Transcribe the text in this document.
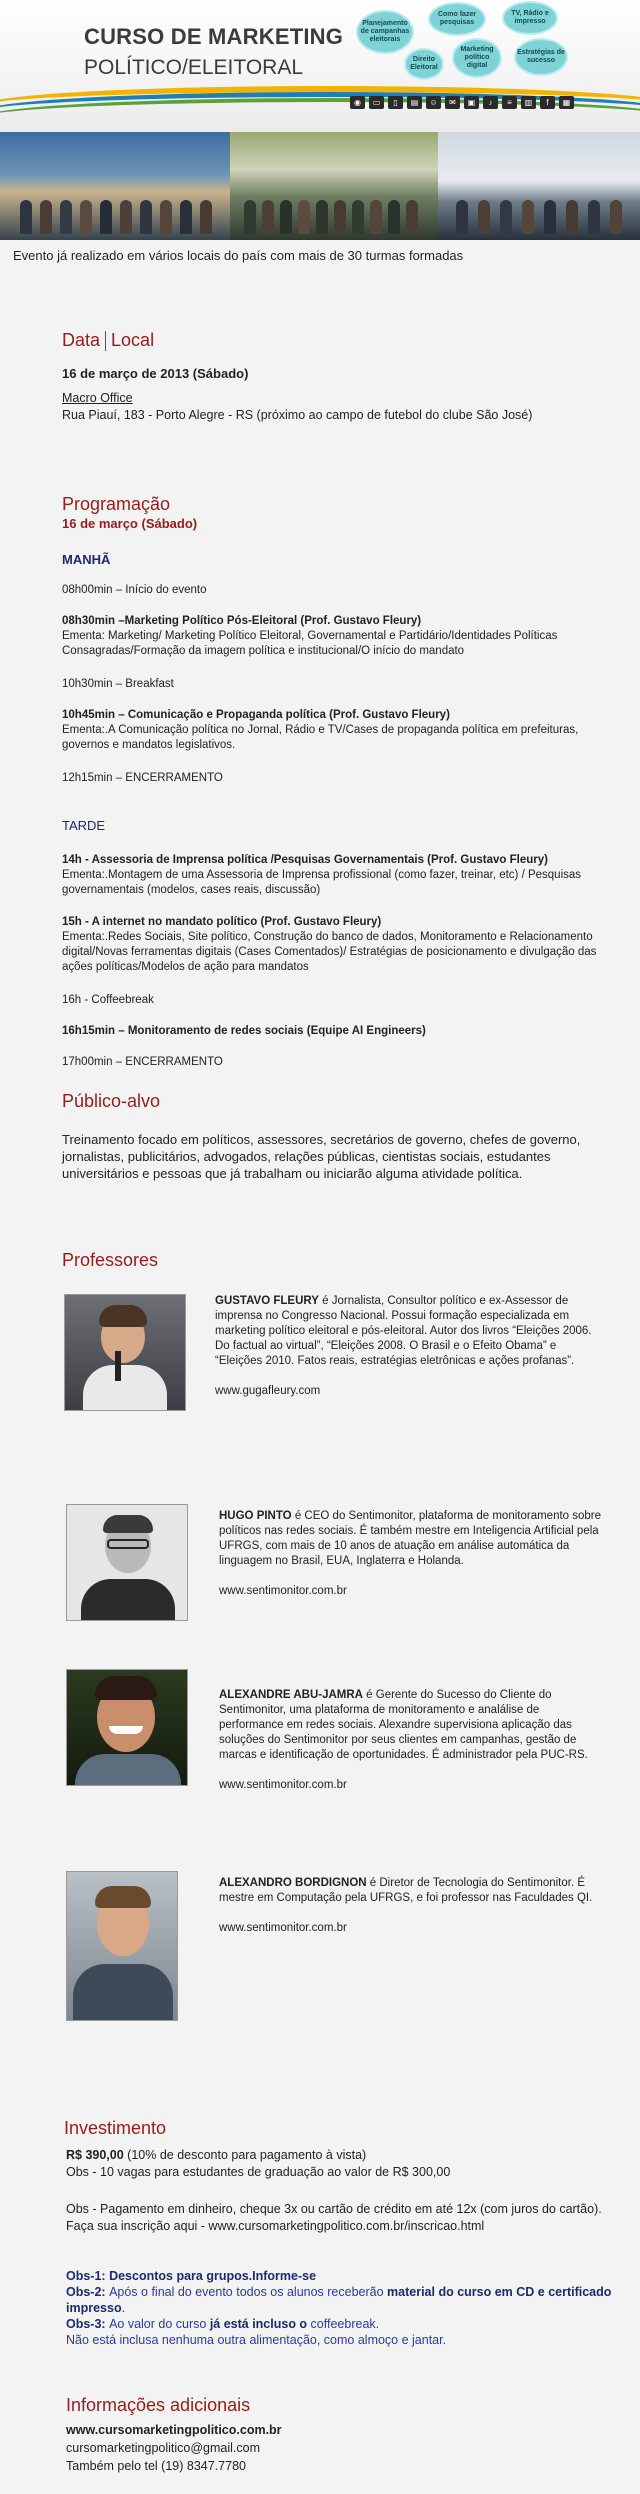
CURSO DE MARKETING
POLÍTICO/ELEITORAL
Planejamento de campanhas eleitorais
Como fazer pesquisas
TV, Rádio e impresso
Direito Eleitoral
Marketing político digital
Estratégias de sucesso
◉	▭	▯	▤	☺	✉	▣	♪	≡	▥	f	▦
Evento já realizado em vários locais do país com mais de 30 turmas formadas
Data Local
16 de março de 2013 (Sábado)
Macro Office
Rua Piauí, 183 - Porto Alegre - RS (próximo ao campo de futebol do clube São José)
Programação
16 de março (Sábado)
MANHÃ
08h00min – Início do evento
08h30min –Marketing Político Pós-Eleitoral (Prof. Gustavo Fleury)
Ementa: Marketing/ Marketing Político Eleitoral, Governamental e Partidário/Identidades Políticas Consagradas/Formação da imagem política e institucional/O início do mandato
10h30min – Breakfast
10h45min – Comunicação e Propaganda política (Prof. Gustavo Fleury)
Ementa:.A Comunicação política no Jornal, Rádio e TV/Cases de propaganda política em prefeituras, governos e mandatos legislativos.
12h15min – ENCERRAMENTO
TARDE
14h - Assessoria de Imprensa política /Pesquisas Governamentais (Prof. Gustavo Fleury)
Ementa:.Montagem de uma Assessoria de Imprensa profissional (como fazer, treinar, etc) / Pesquisas governamentais (modelos, cases reais, discussão)
15h - A internet no mandato político (Prof. Gustavo Fleury)
Ementa:.Redes Sociais, Site político, Construção do banco de dados, Monitoramento e Relacionamento digital/Novas ferramentas digitais (Cases Comentados)/ Estratégias de posicionamento e divulgação das ações políticas/Modelos de ação para mandatos
16h - Coffeebreak
16h15min – Monitoramento de redes sociais (Equipe AI Engineers)
17h00min – ENCERRAMENTO
Público-alvo
Treinamento focado em políticos, assessores, secretários de governo, chefes de governo, jornalistas, publicitários, advogados, relações públicas, cientistas sociais, estudantes universitários e pessoas que já trabalham ou iniciarão alguma atividade política.
Professores
GUSTAVO FLEURY é Jornalista, Consultor político e ex-Assessor de imprensa no Congresso Nacional. Possui formação especializada em marketing político eleitoral e pós-eleitoral. Autor dos livros “Eleições 2006. Do factual ao virtual”, “Eleições 2008. O Brasil e o Efeito Obama” e “Eleições 2010. Fatos reais, estratégias eletrônicas e ações profanas”.
www.gugafleury.com
HUGO PINTO é CEO do Sentimonitor, plataforma de monitoramento sobre políticos nas redes sociais. É também mestre em Inteligencia Artificial pela UFRGS, com mais de 10 anos de atuação em análise automática da linguagem no Brasil, EUA, Inglaterra e Holanda.
www.sentimonitor.com.br
ALEXANDRE ABU-JAMRA é Gerente do Sucesso do Cliente do Sentimonitor, uma plataforma de monitoramento e analálise de performance em redes sociais. Alexandre supervisiona aplicação das soluções do Sentimonitor por seus clientes em campanhas, gestão de marcas e identificação de oportunidades. É administrador pela PUC-RS.
www.sentimonitor.com.br
ALEXANDRO BORDIGNON é Diretor de Tecnologia do Sentimonitor. É mestre em Computação pela UFRGS, e foi professor nas Faculdades QI.
www.sentimonitor.com.br
Investimento
R$ 390,00 (10% de desconto para pagamento à vista)
Obs - 10 vagas para estudantes de graduação ao valor de R$ 300,00
Obs - Pagamento em dinheiro, cheque 3x ou cartão de crédito em até 12x (com juros do cartão). Faça sua inscrição aqui - www.cursomarketingpolitico.com.br/inscricao.html
Obs-1: Descontos para grupos.Informe-se
Obs-2: Após o final do evento todos os alunos receberão material do curso em CD e certificado impresso.
Obs-3: Ao valor do curso já está incluso o coffeebreak.
Não está inclusa nenhuma outra alimentação, como almoço e jantar.
Informações adicionais
www.cursomarketingpolitico.com.br
cursomarketingpolitico@gmail.com
Também pelo tel (19) 8347.7780
